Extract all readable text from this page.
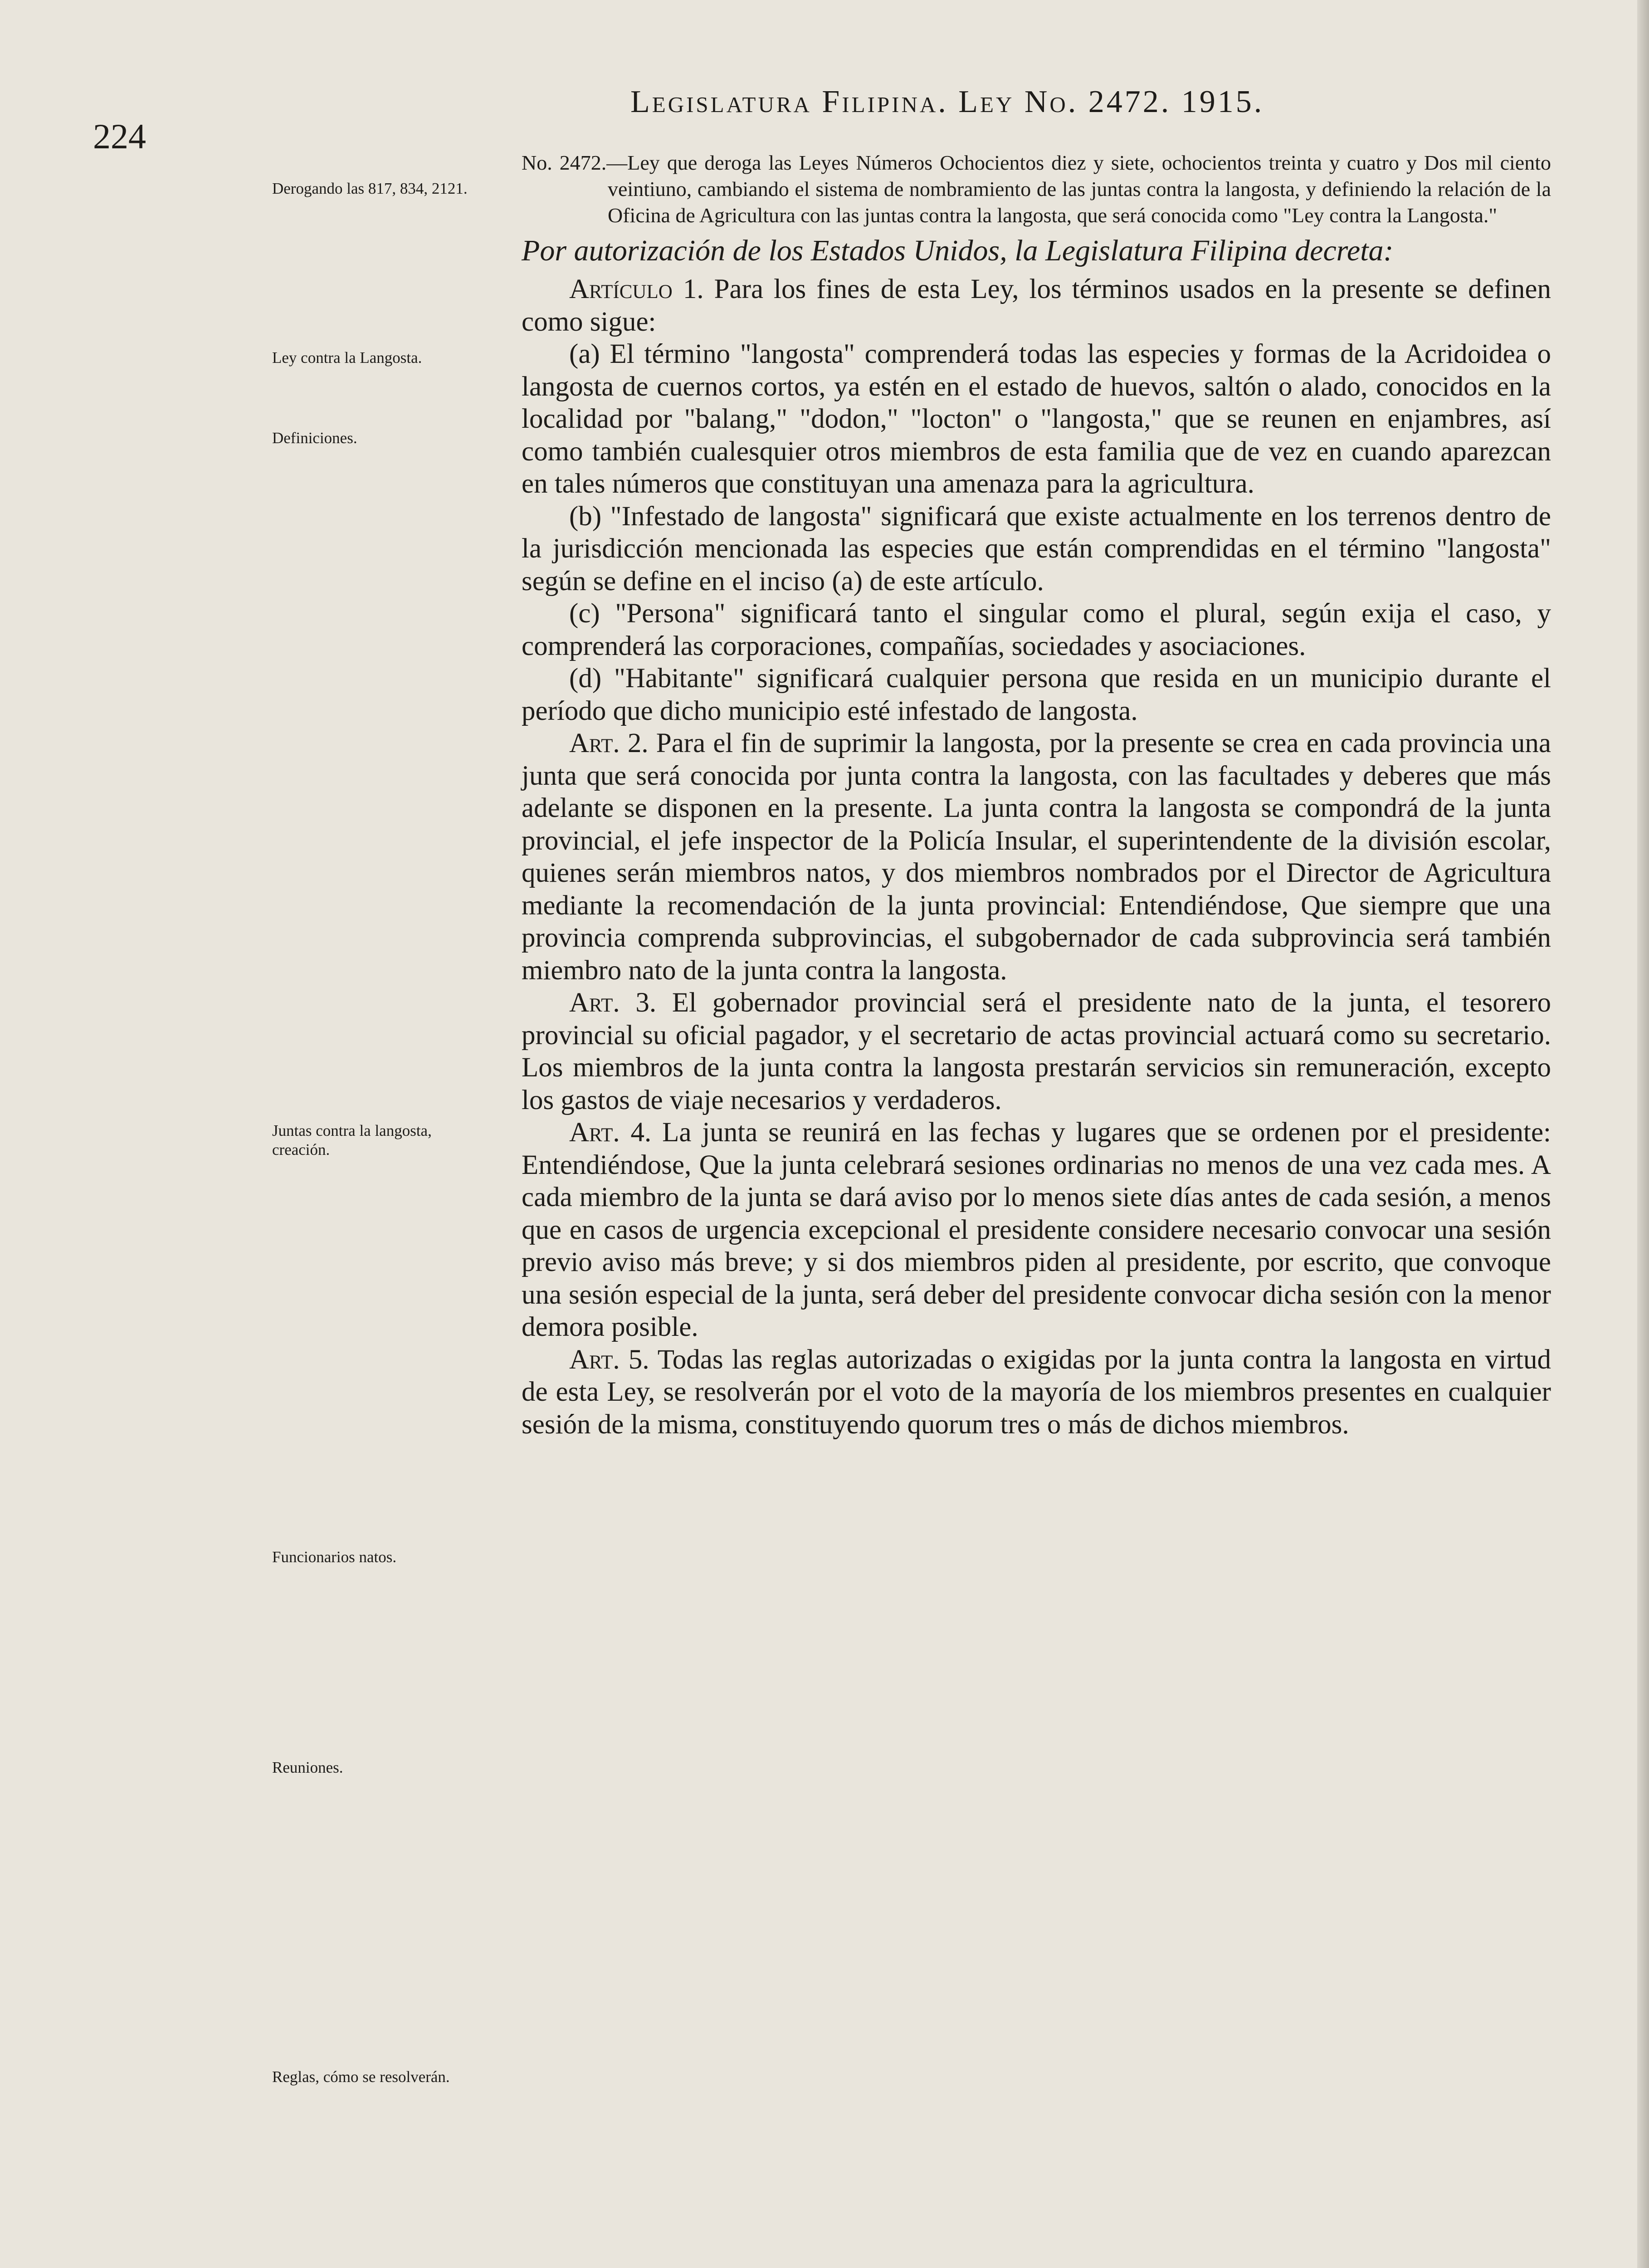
224
Legislatura Filipina. Ley No. 2472. 1915.
Derogando las 817, 834, 2121.
Ley contra la Langosta.
Definiciones.
Juntas contra la langosta, creación.
Funcionarios natos.
Reuniones.
Reglas, cómo se resolverán.

No. 2472.—Ley que deroga las Leyes Números Ochocientos diez y siete, ochocientos treinta y cuatro y Dos mil ciento veintiuno, cambiando el sistema de nombramiento de las juntas contra la langosta, y definiendo la relación de la Oficina de Agricultura con las juntas contra la langosta, que será conocida como "Ley contra la Langosta."

Por autorización de los Estados Unidos, la Legislatura Filipina decreta:

Artículo 1. Para los fines de esta Ley, los términos usados en la presente se definen como sigue:

(a) El término "langosta" comprenderá todas las especies y formas de la Acridoidea o langosta de cuernos cortos, ya estén en el estado de huevos, saltón o alado, conocidos en la localidad por "balang," "dodon," "locton" o "langosta," que se reunen en enjambres, así como también cualesquier otros miembros de esta familia que de vez en cuando aparezcan en tales números que constituyan una amenaza para la agricultura.

(b) "Infestado de langosta" significará que existe actualmente en los terrenos dentro de la jurisdicción mencionada las especies que están comprendidas en el término "langosta" según se define en el inciso (a) de este artículo.

(c) "Persona" significará tanto el singular como el plural, según exija el caso, y comprenderá las corporaciones, compañías, sociedades y asociaciones.

(d) "Habitante" significará cualquier persona que resida en un municipio durante el período que dicho municipio esté infestado de langosta.

Art. 2. Para el fin de suprimir la langosta, por la presente se crea en cada provincia una junta que será conocida por junta contra la langosta, con las facultades y deberes que más adelante se disponen en la presente. La junta contra la langosta se compondrá de la junta provincial, el jefe inspector de la Policía Insular, el superintendente de la división escolar, quienes serán miembros natos, y dos miembros nombrados por el Director de Agricultura mediante la recomendación de la junta provincial: Entendiéndose, Que siempre que una provincia comprenda subprovincias, el subgobernador de cada subprovincia será también miembro nato de la junta contra la langosta.

Art. 3. El gobernador provincial será el presidente nato de la junta, el tesorero provincial su oficial pagador, y el secretario de actas provincial actuará como su secretario. Los miembros de la junta contra la langosta prestarán servicios sin remuneración, excepto los gastos de viaje necesarios y verdaderos.

Art. 4. La junta se reunirá en las fechas y lugares que se ordenen por el presidente: Entendiéndose, Que la junta celebrará sesiones ordinarias no menos de una vez cada mes. A cada miembro de la junta se dará aviso por lo menos siete días antes de cada sesión, a menos que en casos de urgencia excepcional el presidente considere necesario convocar una sesión previo aviso más breve; y si dos miembros piden al presidente, por escrito, que convoque una sesión especial de la junta, será deber del presidente convocar dicha sesión con la menor demora posible.

Art. 5. Todas las reglas autorizadas o exigidas por la junta contra la langosta en virtud de esta Ley, se resolverán por el voto de la mayoría de los miembros presentes en cualquier sesión de la misma, constituyendo quorum tres o más de dichos miembros.
